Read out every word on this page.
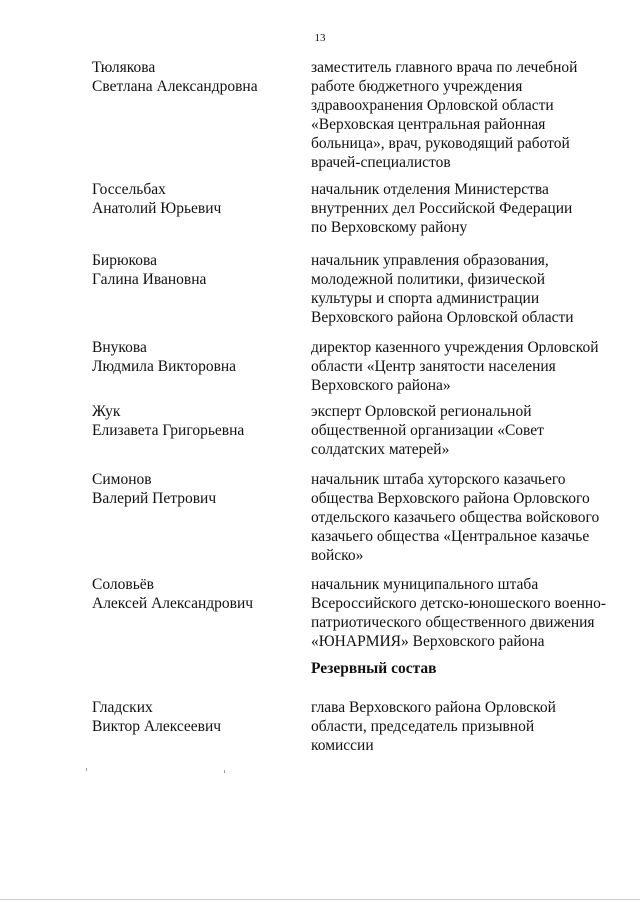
13
Тюлякова
Светлана Александровна
заместитель главного врача по лечебной
работе бюджетного учреждения
здравоохранения Орловской области
«Верховская центральная районная
больница», врач, руководящий работой
врачей-специалистов
Госсельбах
Анатолий Юрьевич
начальник отделения Министерства
внутренних дел Российской Федерации
по Верховскому району
Бирюкова
Галина Ивановна
начальник управления образования,
молодежной политики, физической
культуры и спорта администрации
Верховского района Орловской области
Внукова
Людмила Викторовна
директор казенного учреждения Орловской
области «Центр занятости населения
Верховского района»
Жук
Елизавета Григорьевна
эксперт Орловской региональной
общественной организации «Совет
солдатских матерей»
Симонов
Валерий Петрович
начальник штаба хуторского казачьего
общества Верховского района Орловского
отдельского казачьего общества войскового
казачьего общества «Центральное казачье
войско»
Соловьёв
Алексей Александрович
начальник муниципального штаба
Всероссийского детско-юношеского военно-
патриотического общественного движения
«ЮНАРМИЯ» Верховского района
Резервный состав
Гладских
Виктор Алексеевич
глава Верховского района Орловской
области, председатель призывной
комиссии
